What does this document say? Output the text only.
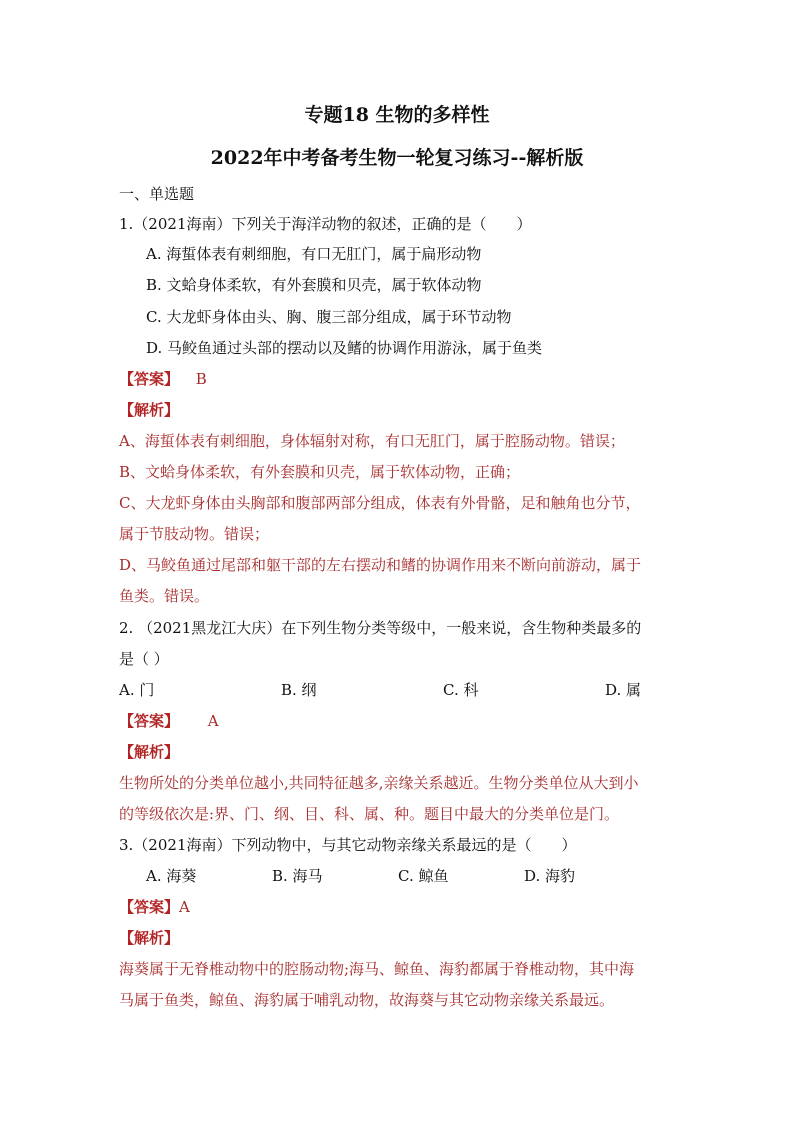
专题18 生物的多样性
2022年中考备考生物一轮复习练习--解析版
一、单选题
1.（2021海南）下列关于海洋动物的叙述，正确的是（　　）
A. 海蜇体表有刺细胞，有口无肛门，属于扁形动物
B. 文蛤身体柔软，有外套膜和贝壳，属于软体动物
C. 大龙虾身体由头、胸、腹三部分组成，属于环节动物
D. 马鲛鱼通过头部的摆动以及鳍的协调作用游泳，属于鱼类
【答案】 B
【解析】
A、海蜇体表有刺细胞，身体辐射对称，有口无肛门，属于腔肠动物。错误；
B、文蛤身体柔软，有外套膜和贝壳，属于软体动物，正确；
C、大龙虾身体由头胸部和腹部两部分组成，体表有外骨骼，足和触角也分节，
属于节肢动物。错误；
D、马鲛鱼通过尾部和躯干部的左右摆动和鳍的协调作用来不断向前游动，属于
鱼类。错误。
2. （2021黑龙江大庆）在下列生物分类等级中，一般来说，含生物种类最多的
是（ ）
A. 门	B. 纲	C. 科	D. 属
【答案】 A
【解析】
生物所处的分类单位越小,共同特征越多,亲缘关系越近。生物分类单位从大到小
的等级依次是:界、门、纲、目、科、属、种。题目中最大的分类单位是门。
3.（2021海南）下列动物中，与其它动物亲缘关系最远的是（　　）
A. 海葵	B. 海马	C. 鲸鱼	D. 海豹
【答案】A
【解析】
海葵属于无脊椎动物中的腔肠动物;海马、鲸鱼、海豹都属于脊椎动物，其中海
马属于鱼类，鲸鱼、海豹属于哺乳动物，故海葵与其它动物亲缘关系最远。
